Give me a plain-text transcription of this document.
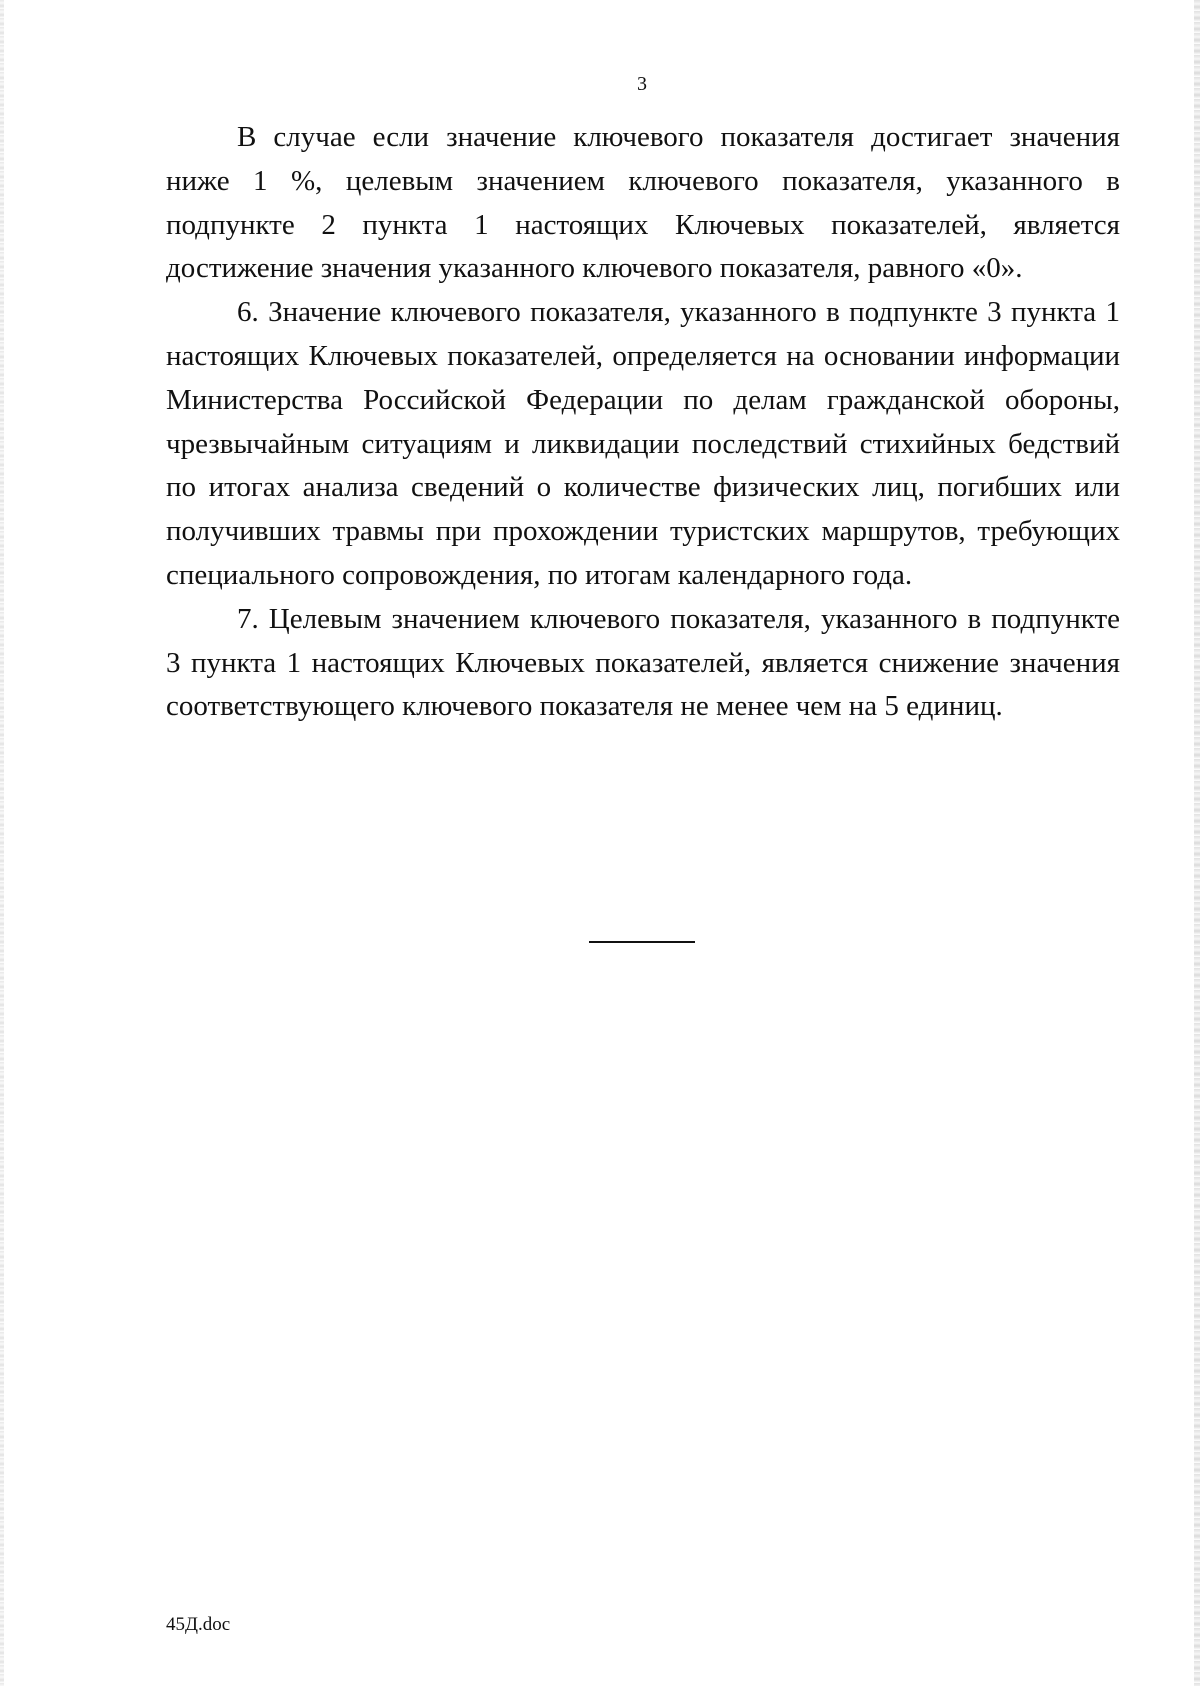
3

В случае если значение ключевого показателя достигает значения ниже 1 %, целевым значением ключевого показателя, указанного в подпункте 2 пункта 1 настоящих Ключевых показателей, является достижение значения указанного ключевого показателя, равного «0».

6. Значение ключевого показателя, указанного в подпункте 3 пункта 1 настоящих Ключевых показателей, определяется на основании информации Министерства Российской Федерации по делам гражданской обороны, чрезвычайным ситуациям и ликвидации последствий стихийных бедствий по итогах анализа сведений о количестве физических лиц, погибших или получивших травмы при прохождении туристских маршрутов, требующих специального сопровождения, по итогам календарного года.

7. Целевым значением ключевого показателя, указанного в подпункте 3 пункта 1 настоящих Ключевых показателей, является снижение значения соответствующего ключевого показателя не менее чем на 5 единиц.

45Д.doc
